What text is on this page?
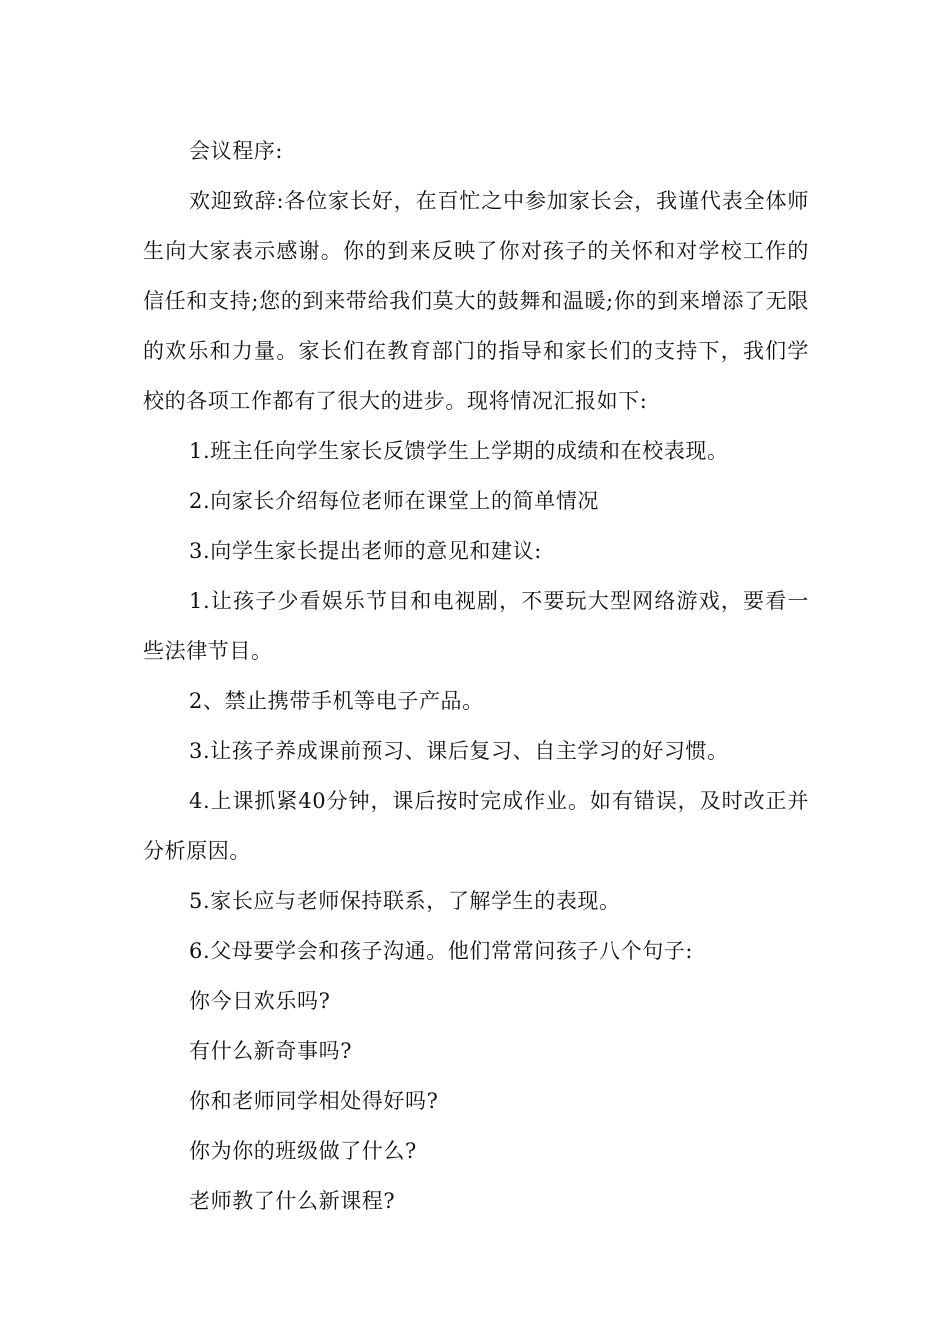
会议程序:

欢迎致辞:各位家长好，在百忙之中参加家长会，我谨代表全体师生向大家表示感谢。你的到来反映了你对孩子的关怀和对学校工作的信任和支持;您的到来带给我们莫大的鼓舞和温暖;你的到来增添了无限的欢乐和力量。家长们在教育部门的指导和家长们的支持下，我们学校的各项工作都有了很大的进步。现将情况汇报如下:

1.班主任向学生家长反馈学生上学期的成绩和在校表现。

2.向家长介绍每位老师在课堂上的简单情况

3.向学生家长提出老师的意见和建议:

1.让孩子少看娱乐节目和电视剧，不要玩大型网络游戏，要看一些法律节目。

2、禁止携带手机等电子产品。

3.让孩子养成课前预习、课后复习、自主学习的好习惯。

4.上课抓紧40分钟，课后按时完成作业。如有错误，及时改正并分析原因。

5.家长应与老师保持联系，了解学生的表现。

6.父母要学会和孩子沟通。他们常常问孩子八个句子:

你今日欢乐吗?

有什么新奇事吗?

你和老师同学相处得好吗?

你为你的班级做了什么?

老师教了什么新课程?
